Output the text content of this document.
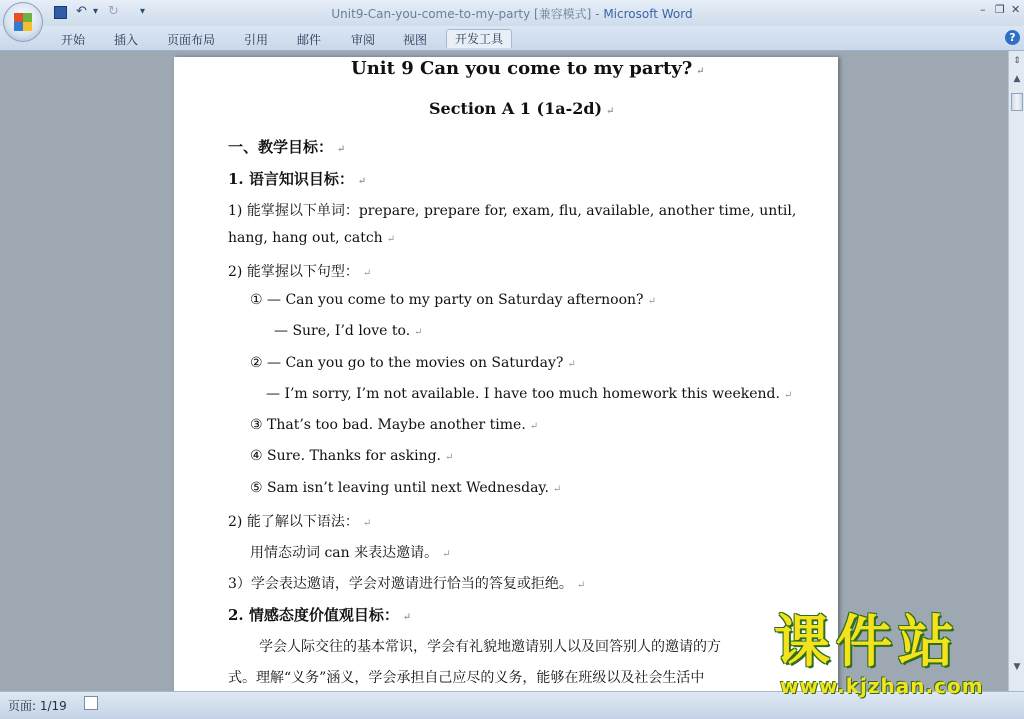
↶ ▾ ↻ ▾	Unit9-Can-you-come-to-my-party [兼容模式] - Microsoft Word	– ❐ ✕
开始 插入 页面布局 引用 邮件 审阅 视图	开发工具	?
Unit 9 Can you come to my party? ↵
Section A 1 (1a-2d) ↵
一、教学目标： ↵
1. 语言知识目标： ↵
1) 能掌握以下单词：prepare, prepare for, exam, flu, available, another time, until,
hang, hang out, catch ↵
2) 能掌握以下句型： ↵
① — Can you come to my party on Saturday afternoon? ↵
— Sure, I’d love to. ↵
② — Can you go to the movies on Saturday? ↵
— I’m sorry, I’m not available. I have too much homework this weekend. ↵
③ That’s too bad. Maybe another time. ↵
④ Sure. Thanks for asking. ↵
⑤ Sam isn’t leaving until next Wednesday. ↵
2) 能了解以下语法： ↵
用情态动词 can 来表达邀请。 ↵
3）学会表达邀请，学会对邀请进行恰当的答复或拒绝。 ↵
2. 情感态度价值观目标： ↵
学会人际交往的基本常识，学会有礼貌地邀请别人以及回答别人的邀请的方
式。理解“义务”涵义，学会承担自己应尽的义务，能够在班级以及社会生活中
⇕
▲
▼
页面: 1/19
课件站
www.kjzhan.com
